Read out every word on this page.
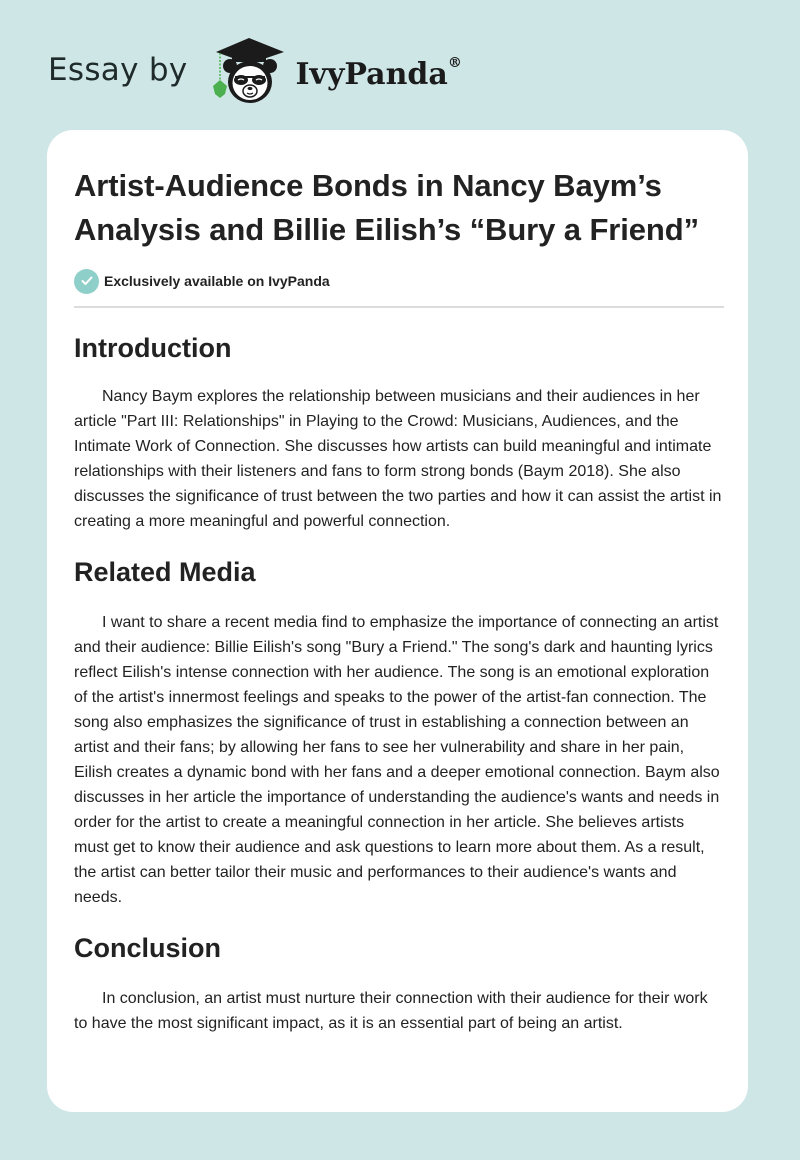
Essay by	IvyPanda®
Artist-Audience Bonds in Nancy Baym’s Analysis and Billie Eilish’s “Bury a Friend”
Exclusively available on IvyPanda
Introduction

Nancy Baym explores the relationship between musicians and their audiences in her article "Part III: Relationships" in Playing to the Crowd: Musicians, Audiences, and the Intimate Work of Connection. She discusses how artists can build meaningful and intimate relationships with their listeners and fans to form strong bonds (Baym 2018). She also discusses the significance of trust between the two parties and how it can assist the artist in creating a more meaningful and powerful connection.

Related Media

I want to share a recent media find to emphasize the importance of connecting an artist and their audience: Billie Eilish's song "Bury a Friend." The song's dark and haunting lyrics reflect Eilish's intense connection with her audience. The song is an emotional exploration of the artist's innermost feelings and speaks to the power of the artist-fan connection. The song also emphasizes the significance of trust in establishing a connection between an artist and their fans; by allowing her fans to see her vulnerability and share in her pain, Eilish creates a dynamic bond with her fans and a deeper emotional connection. Baym also discusses in her article the importance of understanding the audience's wants and needs in order for the artist to create a meaningful connection in her article. She believes artists must get to know their audience and ask questions to learn more about them. As a result, the artist can better tailor their music and performances to their audience's wants and needs.

Conclusion

In conclusion, an artist must nurture their connection with their audience for their work to have the most significant impact, as it is an essential part of being an artist.
